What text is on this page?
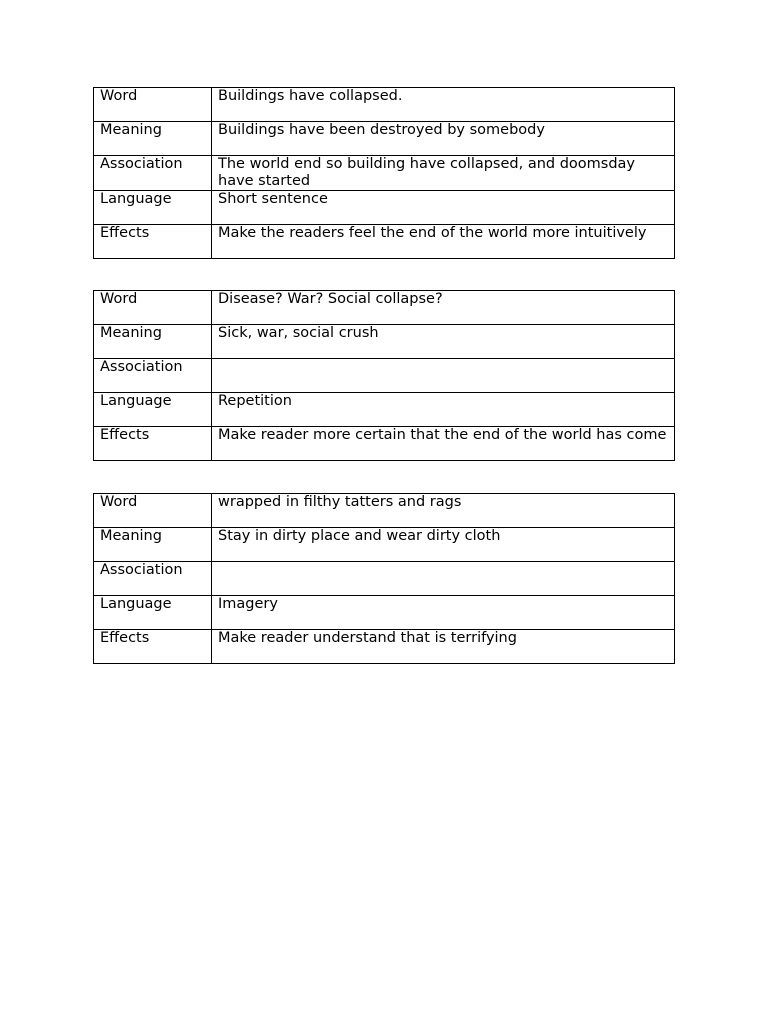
Word	Buildings have collapsed.
Meaning	Buildings have been destroyed by somebody
Association	The world end so building have collapsed, and doomsday have started
Language	Short sentence
Effects	Make the readers feel the end of the world more intuitively
Word	Disease? War? Social collapse?
Meaning	Sick, war, social crush
Association	
Language	Repetition
Effects	Make reader more certain that the end of the world has come
Word	wrapped in filthy tatters and rags
Meaning	Stay in dirty place and wear dirty cloth
Association	
Language	Imagery
Effects	Make reader understand that is terrifying
